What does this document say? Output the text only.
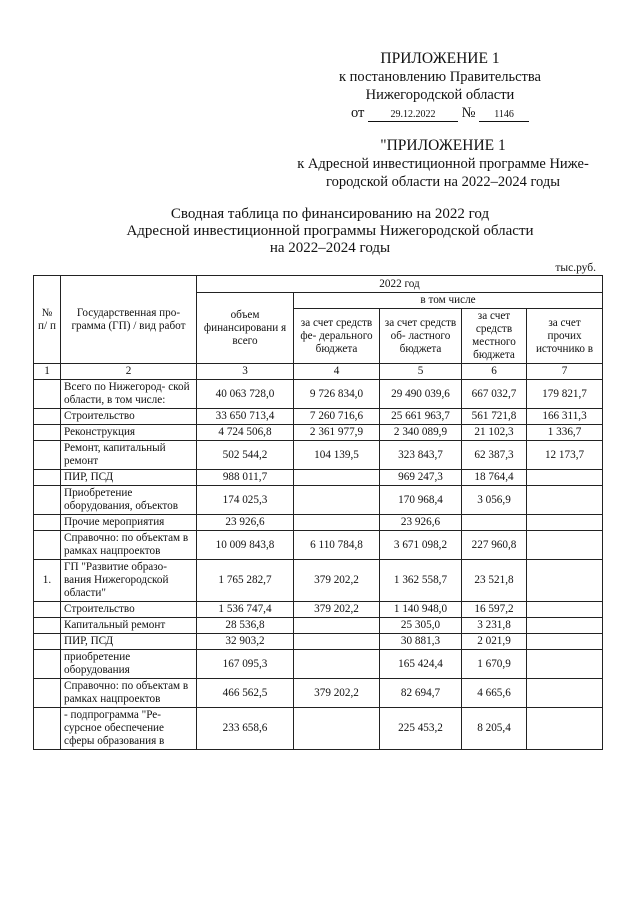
ПРИЛОЖЕНИЕ 1
к постановлению Правительства
Нижегородской области
от	29.12.2022 № 1146
"ПРИЛОЖЕНИЕ 1
к Адресной инвестиционной программе Ниже-
городской области на 2022–2024 годы
Сводная таблица по финансированию на 2022 год
Адресной инвестиционной программы Нижегородской области
на 2022–2024 годы
тыс.руб.
№ п/ п	Государственная про- грамма (ГП) / вид работ	2022 год				
		объем финансировани я всего	в том числе			
			за счет средств фе- дерального бюджета	за счет средств об- ластного бюджета	за счет средств местного бюджета	за счет прочих источнико в
1	2	3	4	5	6	7
	Всего по Нижегород- ской области, в том числе:	40 063 728,0	9 726 834,0	29 490 039,6	667 032,7	179 821,7
	Строительство	33 650 713,4	7 260 716,6	25 661 963,7	561 721,8	166 311,3
	Реконструкция	4 724 506,8	2 361 977,9	2 340 089,9	21 102,3	1 336,7
	Ремонт, капитальный ремонт	502 544,2	104 139,5	323 843,7	62 387,3	12 173,7
	ПИР, ПСД	988 011,7		969 247,3	18 764,4	
	Приобретение оборудования, объектов	174 025,3		170 968,4	3 056,9	
	Прочие мероприятия	23 926,6		23 926,6		
	Справочно: по объектам в рамках нацпроектов	10 009 843,8	6 110 784,8	3 671 098,2	227 960,8	
1.	ГП "Развитие образо- вания Нижегородской области"	1 765 282,7	379 202,2	1 362 558,7	23 521,8	
	Строительство	1 536 747,4	379 202,2	1 140 948,0	16 597,2	
	Капитальный ремонт	28 536,8		25 305,0	3 231,8	
	ПИР, ПСД	32 903,2		30 881,3	2 021,9	
	приобретение оборудования	167 095,3		165 424,4	1 670,9	
	Справочно: по объектам в рамках нацпроектов	466 562,5	379 202,2	82 694,7	4 665,6	
	- подпрограмма "Ре- сурсное обеспечение сферы образования в	233 658,6		225 453,2	8 205,4	
